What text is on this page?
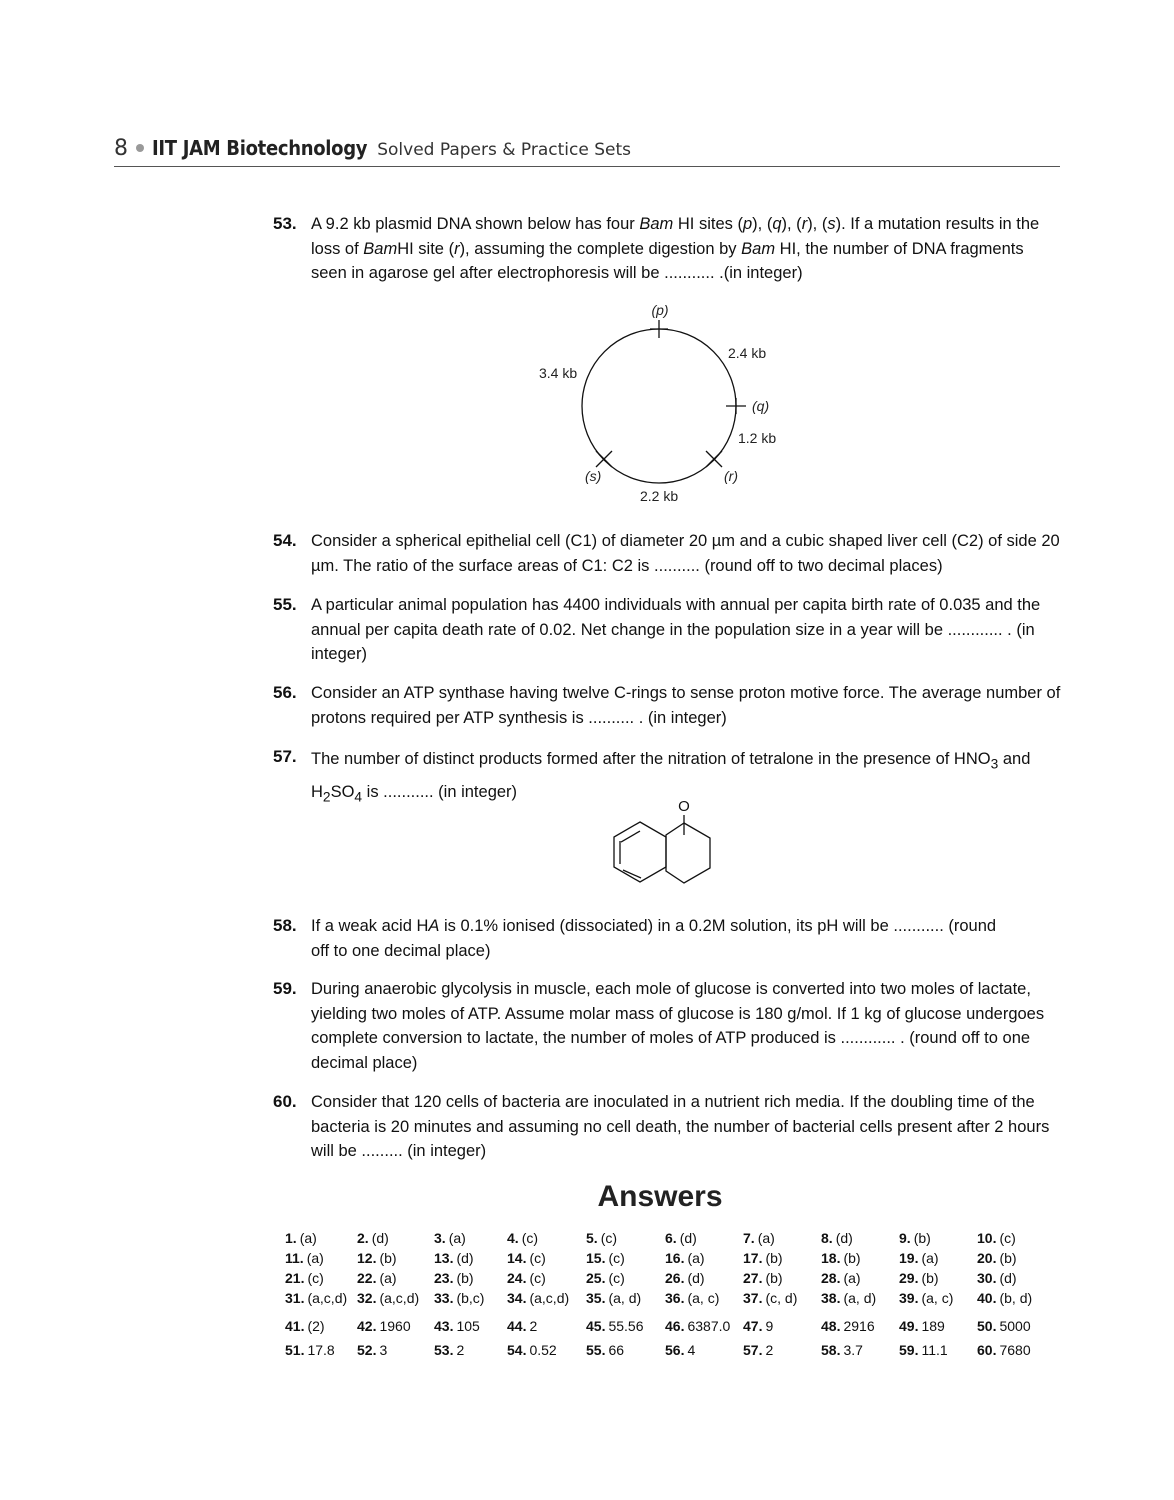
8 IIT JAM Biotechnology Solved Papers & Practice Sets
53. A 9.2 kb plasmid DNA shown below has four Bam HI sites (p), (q), (r), (s). If a mutation results in the loss of BamHI site (r), assuming the complete digestion by Bam HI, the number of DNA fragments seen in agarose gel after electrophoresis will be ........... .(in integer)
(p)
(q)
(r)
(s)
2.4 kb
1.2 kb
2.2 kb
3.4 kb
54. Consider a spherical epithelial cell (C1) of diameter 20 µm and a cubic shaped liver cell (C2) of side 20 µm. The ratio of the surface areas of C1: C2 is .......... (round off to two decimal places)
55. A particular animal population has 4400 individuals with annual per capita birth rate of 0.035 and the annual per capita death rate of 0.02. Net change in the population size in a year will be ............ . (in integer)
56. Consider an ATP synthase having twelve C-rings to sense proton motive force. The average number of protons required per ATP synthesis is .......... . (in integer)
57. The number of distinct products formed after the nitration of tetralone in the presence of $HNO_3$ and $H_2SO_4$ is ........... (in integer)
O
58. If a weak acid HA is 0.1% ionised (dissociated) in a 0.2M solution, its pH will be ........... (round off to one decimal place)
59. During anaerobic glycolysis in muscle, each mole of glucose is converted into two moles of lactate, yielding two moles of ATP. Assume molar mass of glucose is 180 g/mol. If 1 kg of glucose undergoes complete conversion to lactate, the number of moles of ATP produced is ............ . (round off to one decimal place)
60. Consider that 120 cells of bacteria are inoculated in a nutrient rich media. If the doubling time of the bacteria is 20 minutes and assuming no cell death, the number of bacterial cells present after 2 hours will be ......... (in integer)
Answers
1. (a)	2. (d)	3. (a)	4. (c)	5. (c)	6. (d)	7. (a)	8. (d)	9. (b)	10. (c)
11. (a) 12. (b)	13. (d) 14. (c)	15. (c)	16. (a)	17. (b)	18. (b)	19. (a)	20. (b)
21. (c) 22. (a)	23. (b) 24. (c)	25. (c)	26. (d)	27. (b)	28. (a)	29. (b)	30. (d)
31. (a,c,d) 32. (a,c,d) 33. (b,c) 34. (a,c,d) 35. (a, d) 36. (a, c) 37. (c, d) 38. (a, d) 39. (a, c) 40. (b, d)
41. (2) 42. 1960 43. 105 44. 2	45. 55.56 46. 6387.0 47. 9	48. 2916 49. 189 50. 5000
51. 17.8 52. 3	53. 2	54. 0.52 55. 66	56. 4	57. 2	58. 3.7	59. 11.1 60. 7680
